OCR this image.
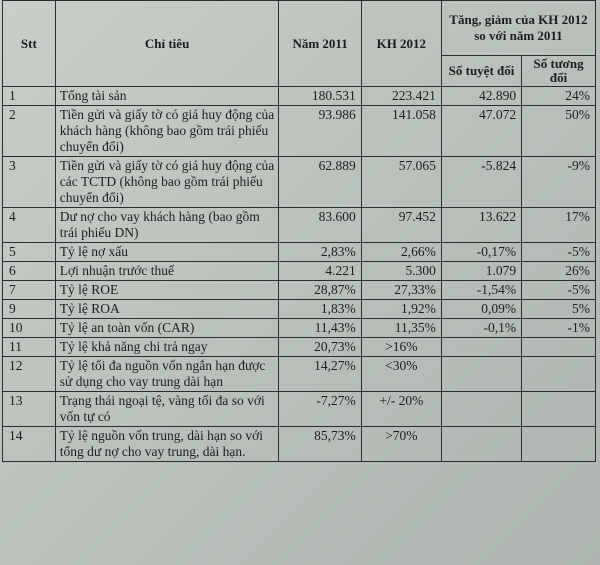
Stt	Chỉ tiêu	Năm 2011	KH 2012	Tăng, giảm của KH 2012 so với năm 2011	
				Số tuyệt đối	Số tương đối
1	Tổng tài sản	180.531	223.421	42.890	24%
2	Tiền gửi và giấy tờ có giá huy động của khách hàng (không bao gồm trái phiếu chuyển đổi)	93.986	141.058	47.072	50%
3	Tiền gửi và giấy tờ có giá huy động của các TCTD (không bao gồm trái phiếu chuyển đổi)	62.889	57.065	-5.824	-9%
4	Dư nợ cho vay khách hàng (bao gồm trái phiếu DN)	83.600	97.452	13.622	17%
5	Tỷ lệ nợ xấu	2,83%	2,66%	-0,17%	-5%
6	Lợi nhuận trước thuế	4.221	5.300	1.079	26%
7	Tỷ lệ ROE	28,87%	27,33%	-1,54%	-5%
9	Tỷ lệ ROA	1,83%	1,92%	0,09%	5%
10	Tỷ lệ an toàn vốn (CAR)	11,43%	11,35%	-0,1%	-1%
11	Tỷ lệ khả năng chi trả ngay	20,73%	>16%		
12	Tỷ lệ tối đa nguồn vốn ngắn hạn được sử dụng cho vay trung dài hạn	14,27%	<30%		
13	Trạng thái ngoại tệ, vàng tối đa so với vốn tự có	-7,27%	+/- 20%		
14	Tỷ lệ nguồn vốn trung, dài hạn so với tổng dư nợ cho vay trung, dài hạn.	85,73%	>70%		
